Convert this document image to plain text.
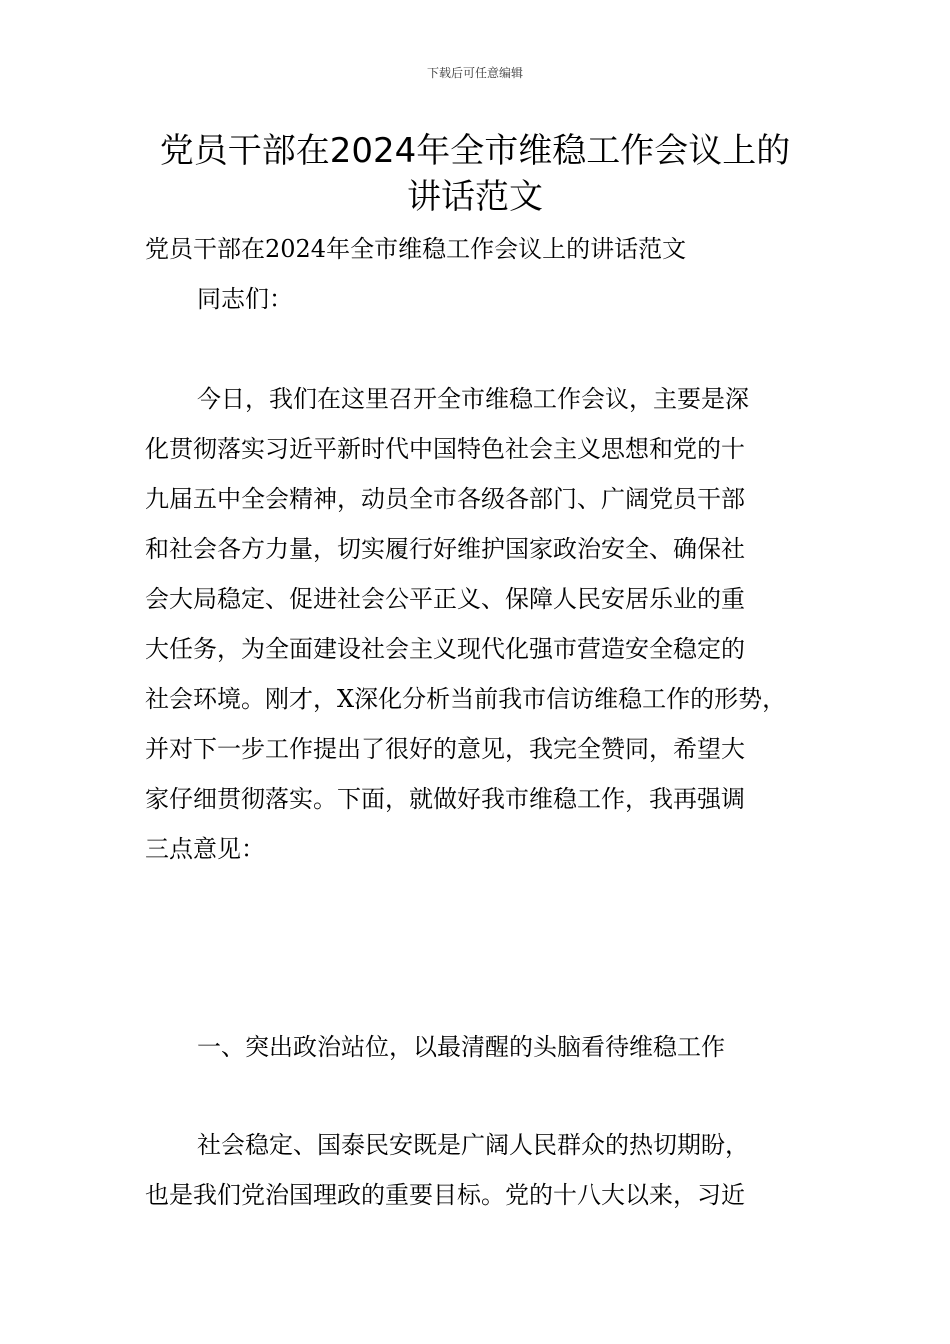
下载后可任意编辑
党员干部在2024年全市维稳工作会议上的
讲话范文

党员干部在2024年全市维稳工作会议上的讲话范文

同志们：

今日，我们在这里召开全市维稳工作会议，主要是深
化贯彻落实习近平新时代中国特色社会主义思想和党的十
九届五中全会精神，动员全市各级各部门、广阔党员干部
和社会各方力量，切实履行好维护国家政治安全、确保社
会大局稳定、促进社会公平正义、保障人民安居乐业的重
大任务，为全面建设社会主义现代化强市营造安全稳定的
社会环境。刚才，X深化分析当前我市信访维稳工作的形势，
并对下一步工作提出了很好的意见，我完全赞同，希望大
家仔细贯彻落实。下面，就做好我市维稳工作，我再强调
三点意见：

一、突出政治站位，以最清醒的头脑看待维稳工作

社会稳定、国泰民安既是广阔人民群众的热切期盼，
也是我们党治国理政的重要目标。党的十八大以来，习近
